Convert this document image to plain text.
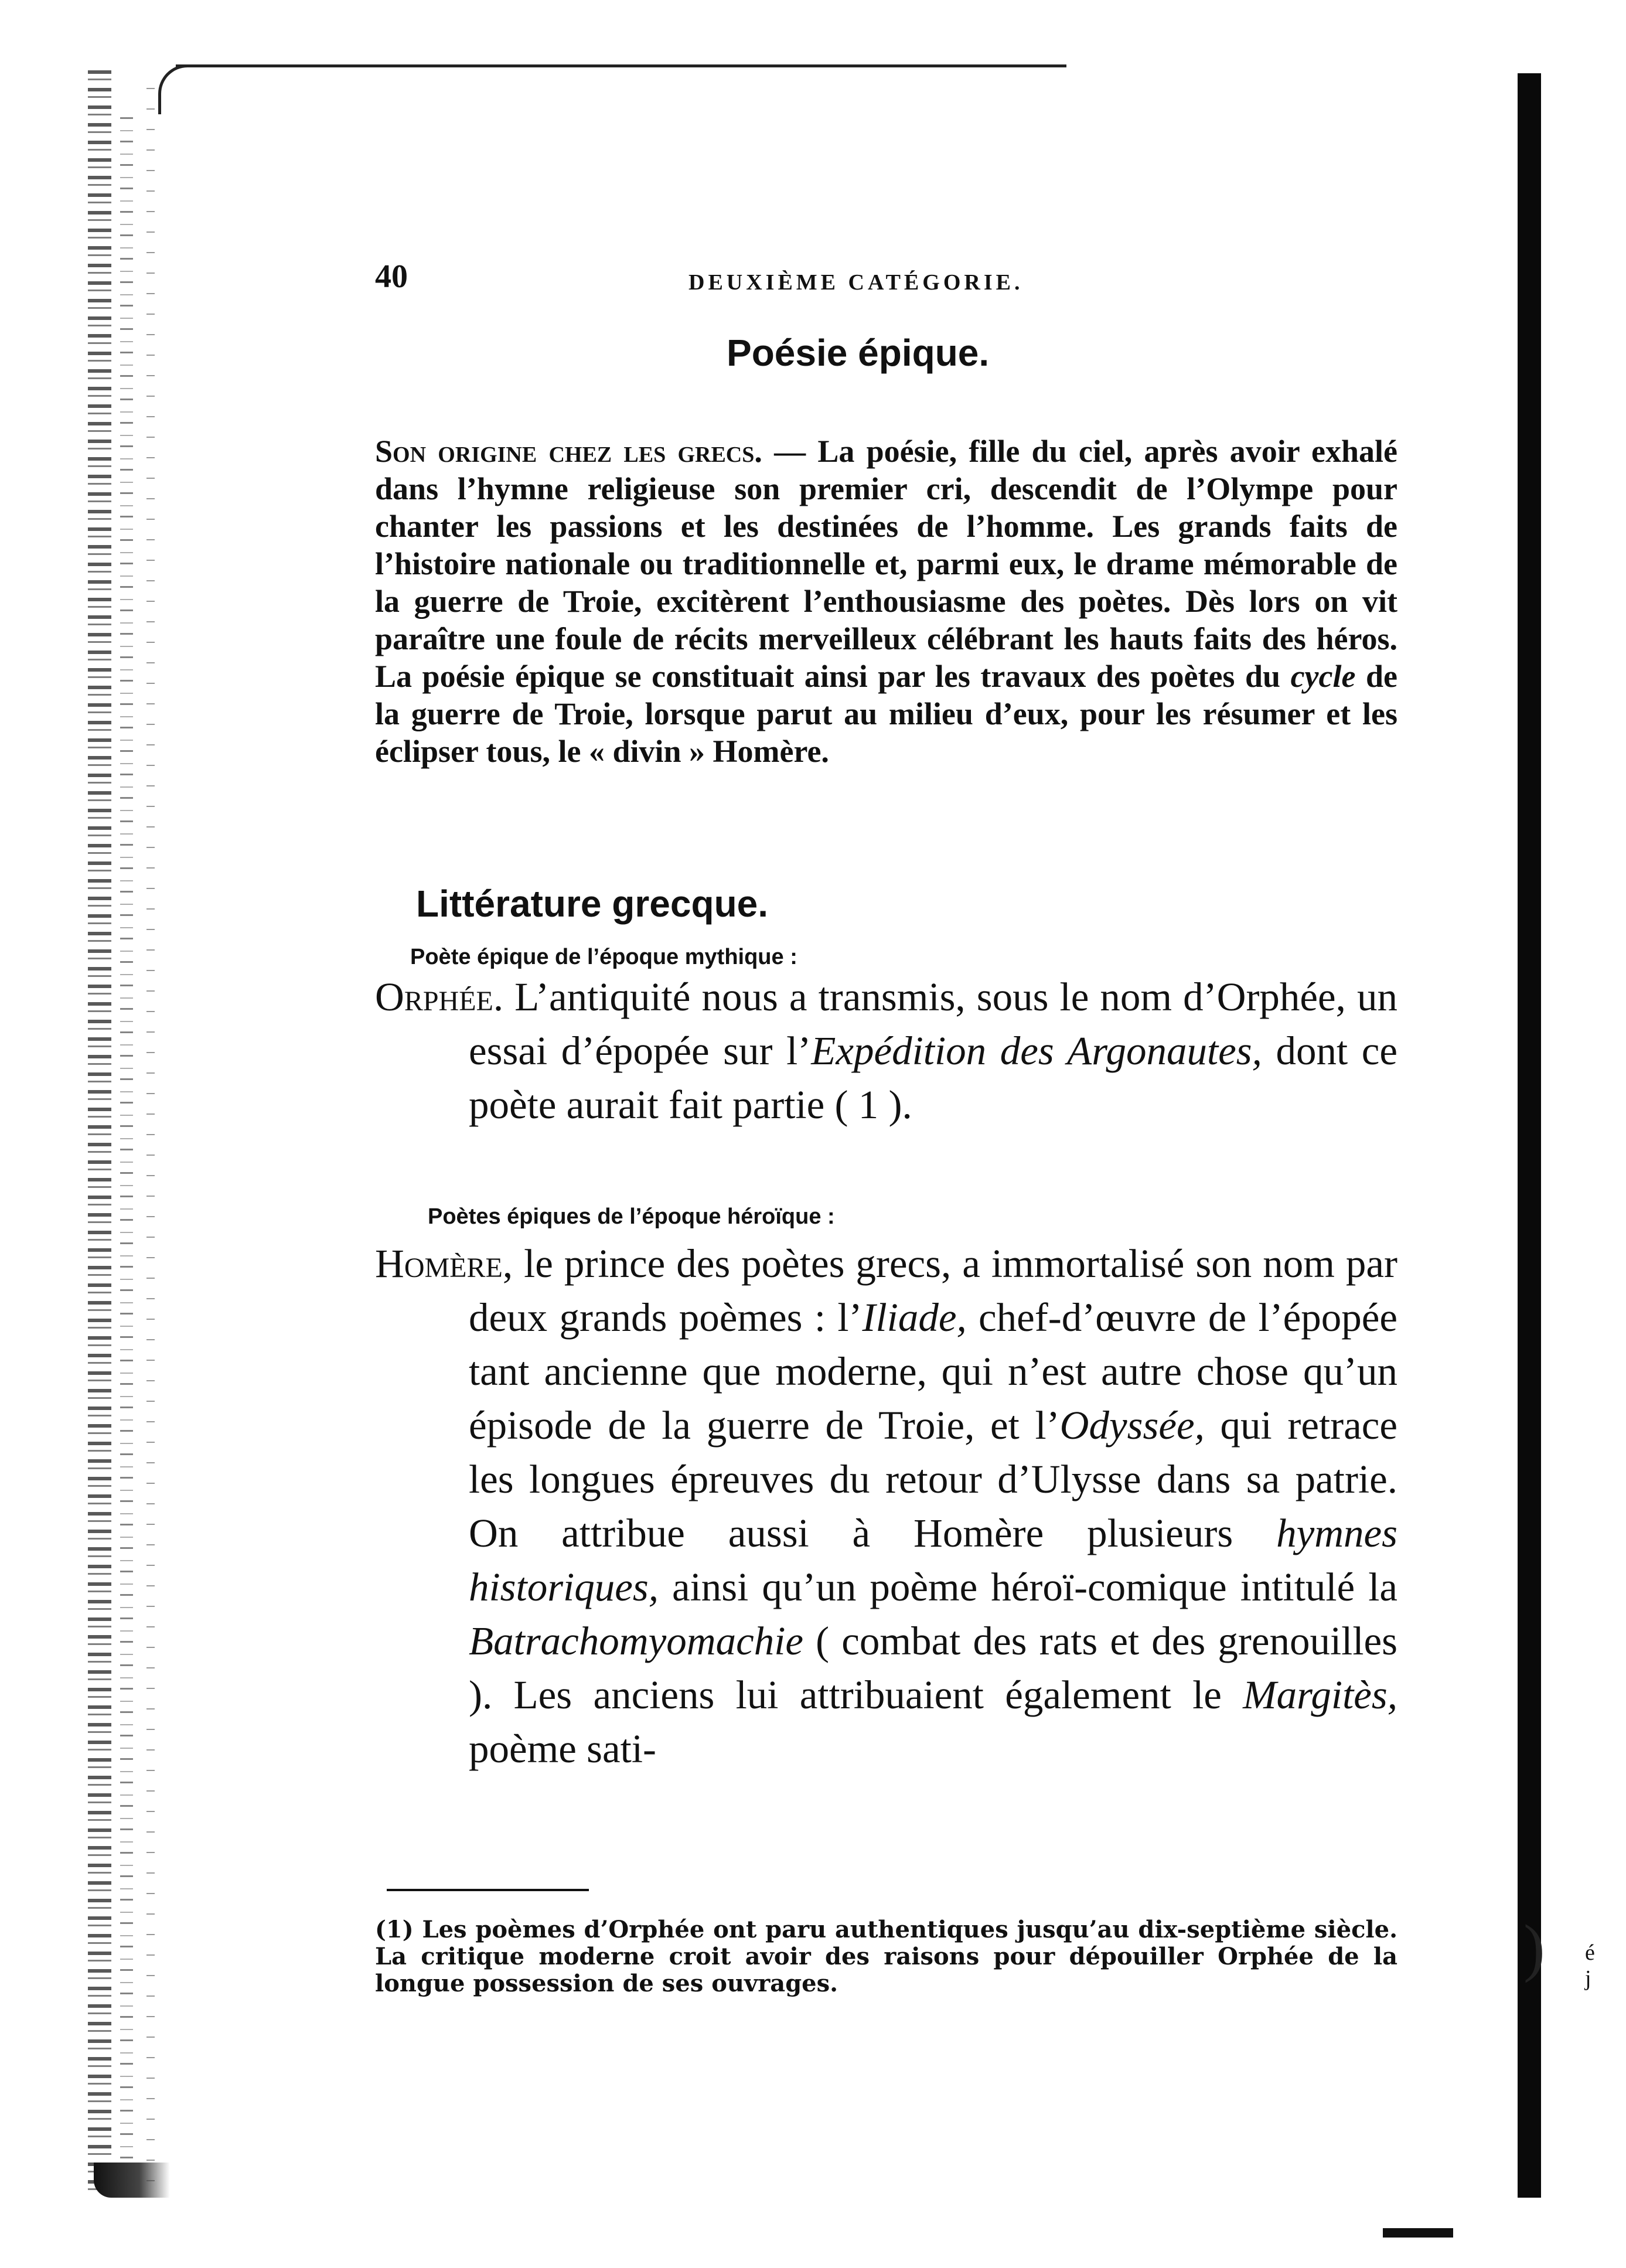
) é
j
40	DEUXIÈME CATÉGORIE.
Poésie épique.
Son origine chez les grecs. — La poésie, fille du ciel, après avoir exhalé dans l’hymne religieuse son premier cri, descendit de l’Olympe pour chanter les passions et les destinées de l’homme. Les grands faits de l’histoire nationale ou traditionnelle et, parmi eux, le drame mémorable de la guerre de Troie, excitèrent l’enthousiasme des poètes. Dès lors on vit paraître une foule de récits merveilleux célébrant les hauts faits des héros. La poésie épique se constituait ainsi par les travaux des poètes du cycle de la guerre de Troie, lorsque parut au milieu d’eux, pour les résumer et les éclipser tous, le « divin » Homère.
Littérature grecque.
Poète épique de l’époque mythique :

Orphée. L’antiquité nous a transmis, sous le nom d’Orphée, un essai d’épopée sur l’Expédition des Argonautes, dont ce poète aurait fait partie ( 1 ).

Poètes épiques de l’époque héroïque :

Homère, le prince des poètes grecs, a immortalisé son nom par deux grands poèmes : l’Iliade, chef-d’œuvre de l’épopée tant ancienne que moderne, qui n’est autre chose qu’un épisode de la guerre de Troie, et l’Odyssée, qui retrace les longues épreuves du retour d’Ulysse dans sa patrie. On attribue aussi à Homère plusieurs hymnes historiques, ainsi qu’un poème héroï-comique intitulé la Batrachomyomachie ( combat des rats et des grenouilles ). Les anciens lui attribuaient également le Margitès, poème sati-

(1) Les poèmes d’Orphée ont paru authentiques jusqu’au dix-septième siècle. La critique moderne croit avoir des raisons pour dépouiller Orphée de la longue possession de ses ouvrages.
